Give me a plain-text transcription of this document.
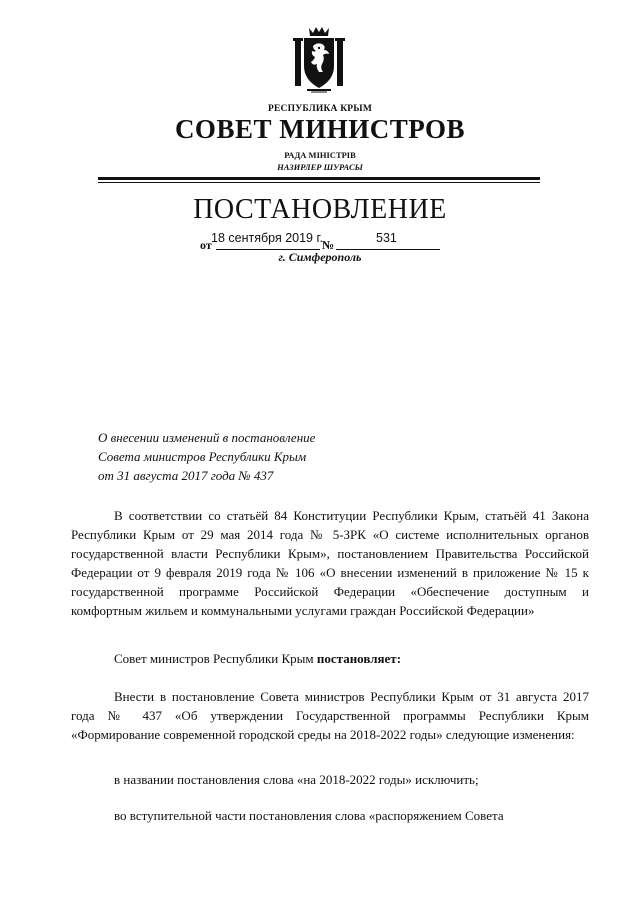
РЕСПУБЛИКА КРЫМ
СОВЕТ МИНИСТРОВ
РАДА МІНІСТРІВ
НАЗИРЛЕР ШУРАСЫ
ПОСТАНОВЛЕНИЕ
от 18 сентября 2019 г. №	531
г. Симферополь
О внесении изменений в постановление
Совета министров Республики Крым
от 31 августа 2017 года № 437
В соответствии со статьёй 84 Конституции Республики Крым, статьёй 41 Закона Республики Крым от 29 мая 2014 года № 5-ЗРК «О системе исполнительных органов государственной власти Республики Крым», постановлением Правительства Российской Федерации от 9 февраля 2019 года № 106 «О внесении изменений в приложение № 15 к государственной программе Российской Федерации «Обеспечение доступным и комфортным жильем и коммунальными услугами граждан Российской Федерации»
Совет министров Республики Крым постановляет:
Внести в постановление Совета министров Республики Крым от 31 августа 2017 года № 437 «Об утверждении Государственной программы Республики Крым «Формирование современной городской среды на 2018-2022 годы» следующие изменения:
в названии постановления слова «на 2018-2022 годы» исключить;
во вступительной части постановления слова «распоряжением Совета
